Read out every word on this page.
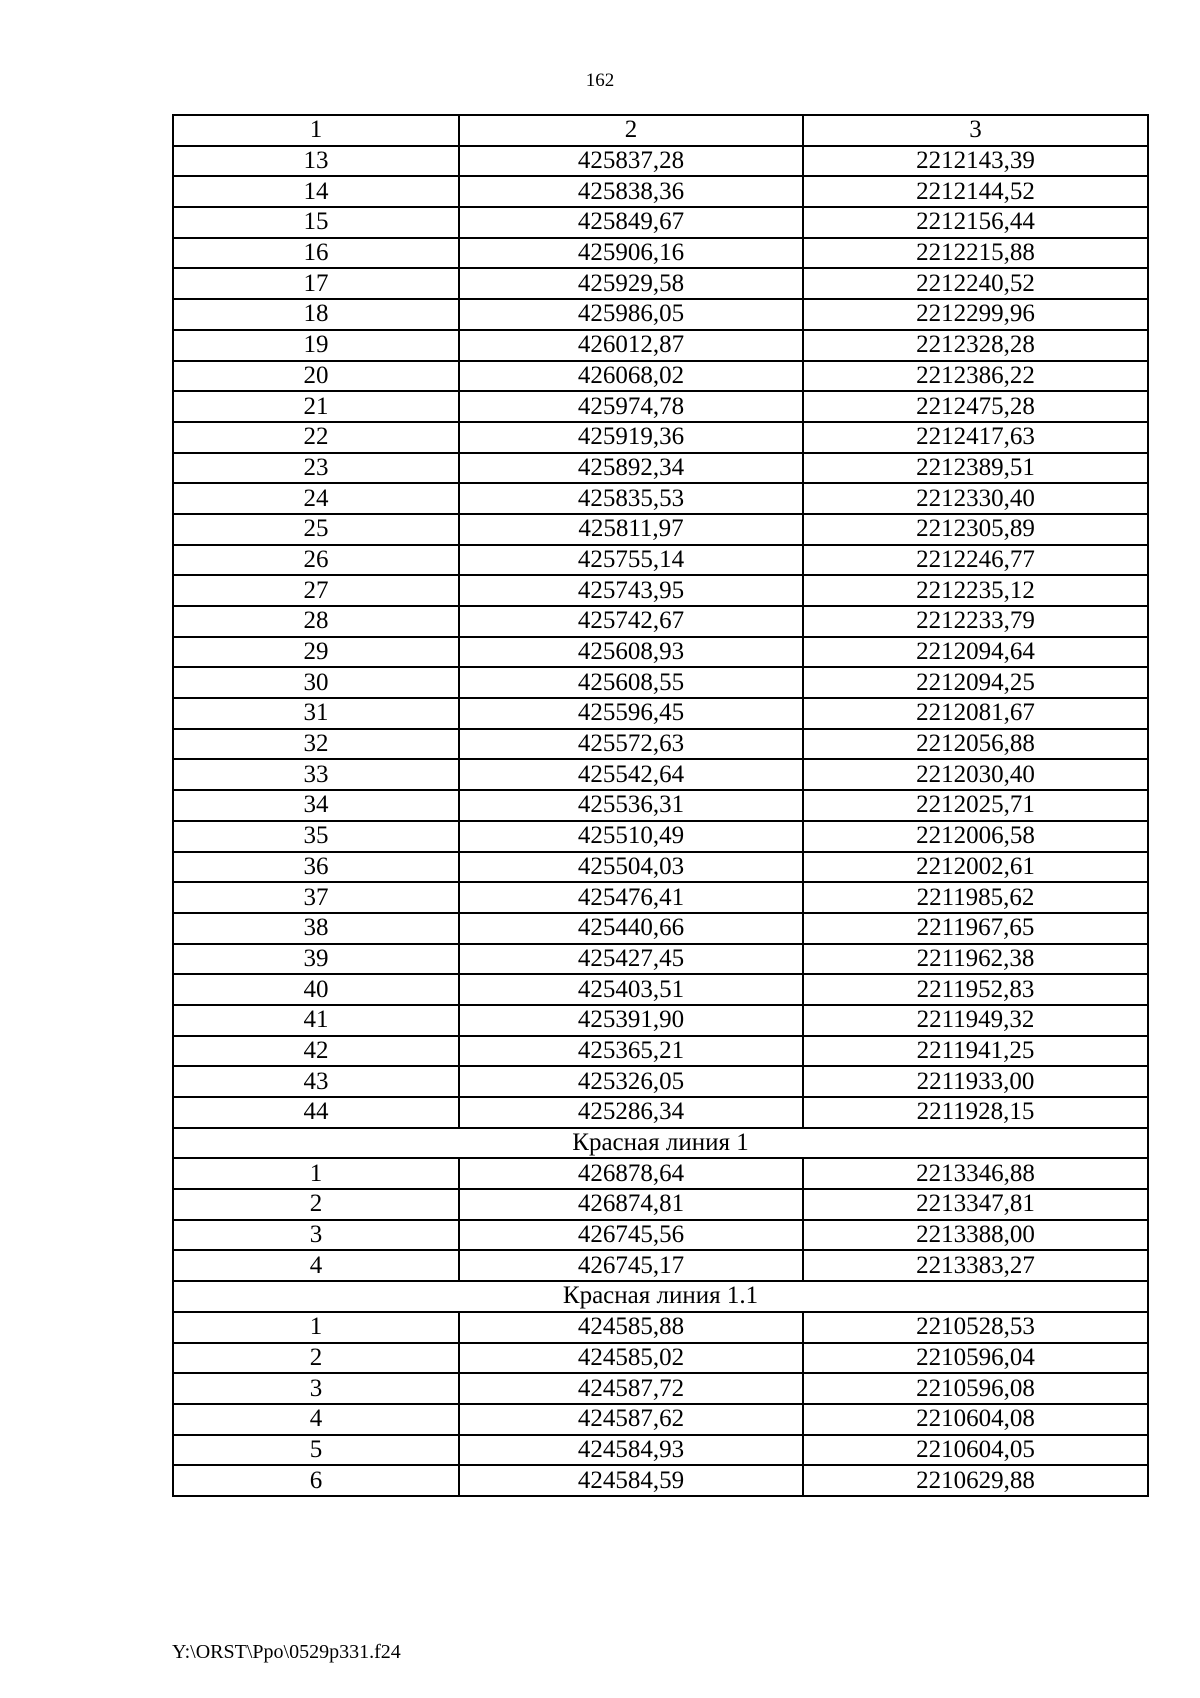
162
1	2	3
13	425837,28	2212143,39
14	425838,36	2212144,52
15	425849,67	2212156,44
16	425906,16	2212215,88
17	425929,58	2212240,52
18	425986,05	2212299,96
19	426012,87	2212328,28
20	426068,02	2212386,22
21	425974,78	2212475,28
22	425919,36	2212417,63
23	425892,34	2212389,51
24	425835,53	2212330,40
25	425811,97	2212305,89
26	425755,14	2212246,77
27	425743,95	2212235,12
28	425742,67	2212233,79
29	425608,93	2212094,64
30	425608,55	2212094,25
31	425596,45	2212081,67
32	425572,63	2212056,88
33	425542,64	2212030,40
34	425536,31	2212025,71
35	425510,49	2212006,58
36	425504,03	2212002,61
37	425476,41	2211985,62
38	425440,66	2211967,65
39	425427,45	2211962,38
40	425403,51	2211952,83
41	425391,90	2211949,32
42	425365,21	2211941,25
43	425326,05	2211933,00
44	425286,34	2211928,15
Красная линия 1		
1	426878,64	2213346,88
2	426874,81	2213347,81
3	426745,56	2213388,00
4	426745,17	2213383,27
Красная линия 1.1		
1	424585,88	2210528,53
2	424585,02	2210596,04
3	424587,72	2210596,08
4	424587,62	2210604,08
5	424584,93	2210604,05
6	424584,59	2210629,88
Y:\ORST\Ppo\0529p331.f24
